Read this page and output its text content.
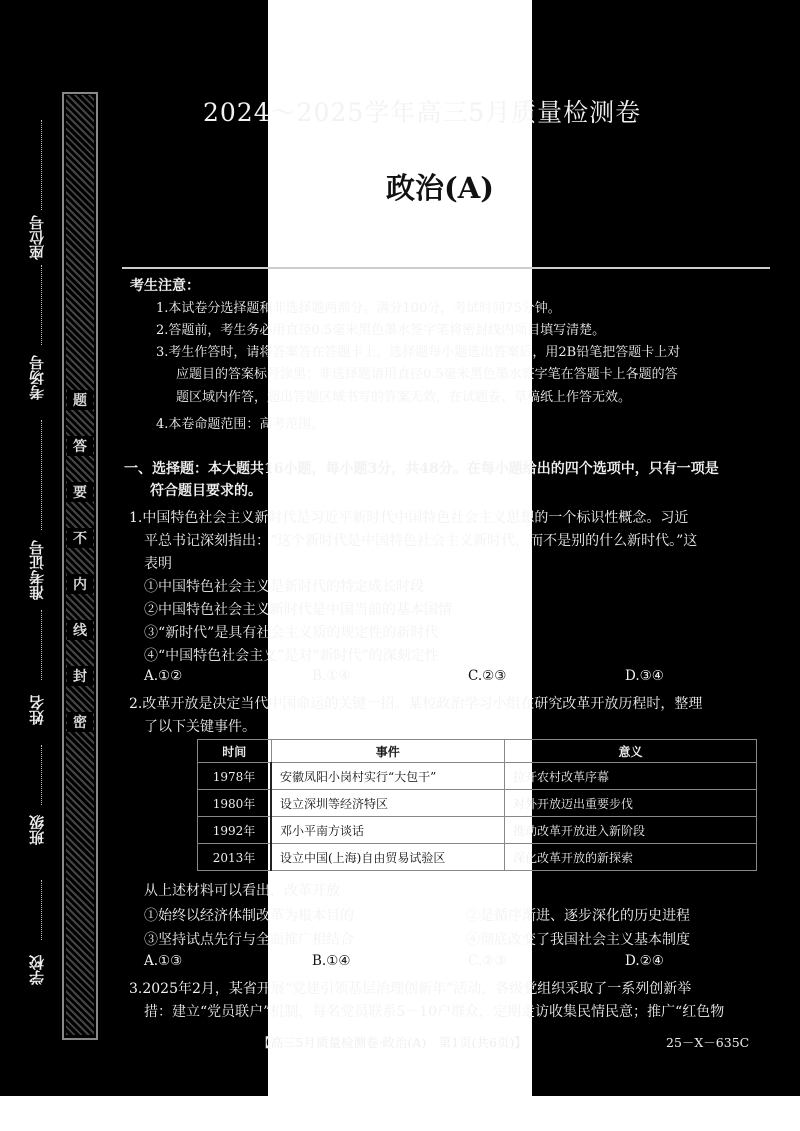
题
答
要
不
内
线
封
密
座位号
考场号
准考证号
姓名
班级
学校
2024～2025学年高三5月质量检测卷
政治(A)
考生注意：
1.本试卷分选择题和非选择题两部分。满分100分，考试时间75分钟。
2.答题前，考生务必用直径0.5毫米黑色墨水签字笔将密封线内项目填写清楚。
3.考生作答时，请将答案答在答题卡上。选择题每小题选出答案后，用2B铅笔把答题卡上对
应题目的答案标号涂黑；非选择题请用直径0.5毫米黑色墨水签字笔在答题卡上各题的答
题区域内作答，超出答题区域书写的答案无效，在试题卷、草稿纸上作答无效。
4.本卷命题范围：高考范围。
一、选择题：本大题共16小题，每小题3分，共48分。在每小题给出的四个选项中，只有一项是
符合题目要求的。
1.中国特色社会主义新时代是习近平新时代中国特色社会主义思想的一个标识性概念。习近
平总书记深刻指出：“这个新时代是中国特色社会主义新时代，而不是别的什么新时代。”这
表明
①中国特色社会主义是新时代的特定成长时段
②中国特色社会主义新时代是中国当前的基本国情
③“新时代”是具有社会主义质的规定性的新时代
④“中国特色社会主义”是对“新时代”的深刻定性
A.①②	B.①④	C.②③	D.③④
2.改革开放是决定当代中国命运的关键一招。某校政治学习小组在研究改革开放历程时，整理
了以下关键事件。
时间	事件	意义
1978年	安徽凤阳小岗村实行“大包干”	拉开农村改革序幕
1980年	设立深圳等经济特区	对外开放迈出重要步伐
1992年	邓小平南方谈话	推动改革开放进入新阶段
2013年	设立中国(上海)自由贸易试验区	深化改革开放的新探索
从上述材料可以看出，改革开放
①始终以经济体制改革为根本目的	②是循序渐进、逐步深化的历史进程
③坚持试点先行与全面推广相结合	④彻底改变了我国社会主义基本制度
A.①③	B.①④	C.②③	D.②④
3.2025年2月，某省开展“党建引领基层治理创新年”活动，各级党组织采取了一系列创新举
措：建立“党员联户”机制，每名党员联系5－10户群众，定期走访收集民情民意；推广“红色物
【高三5月质量检测卷·政治(A)　第1页(共6页)】	25－X－635C
